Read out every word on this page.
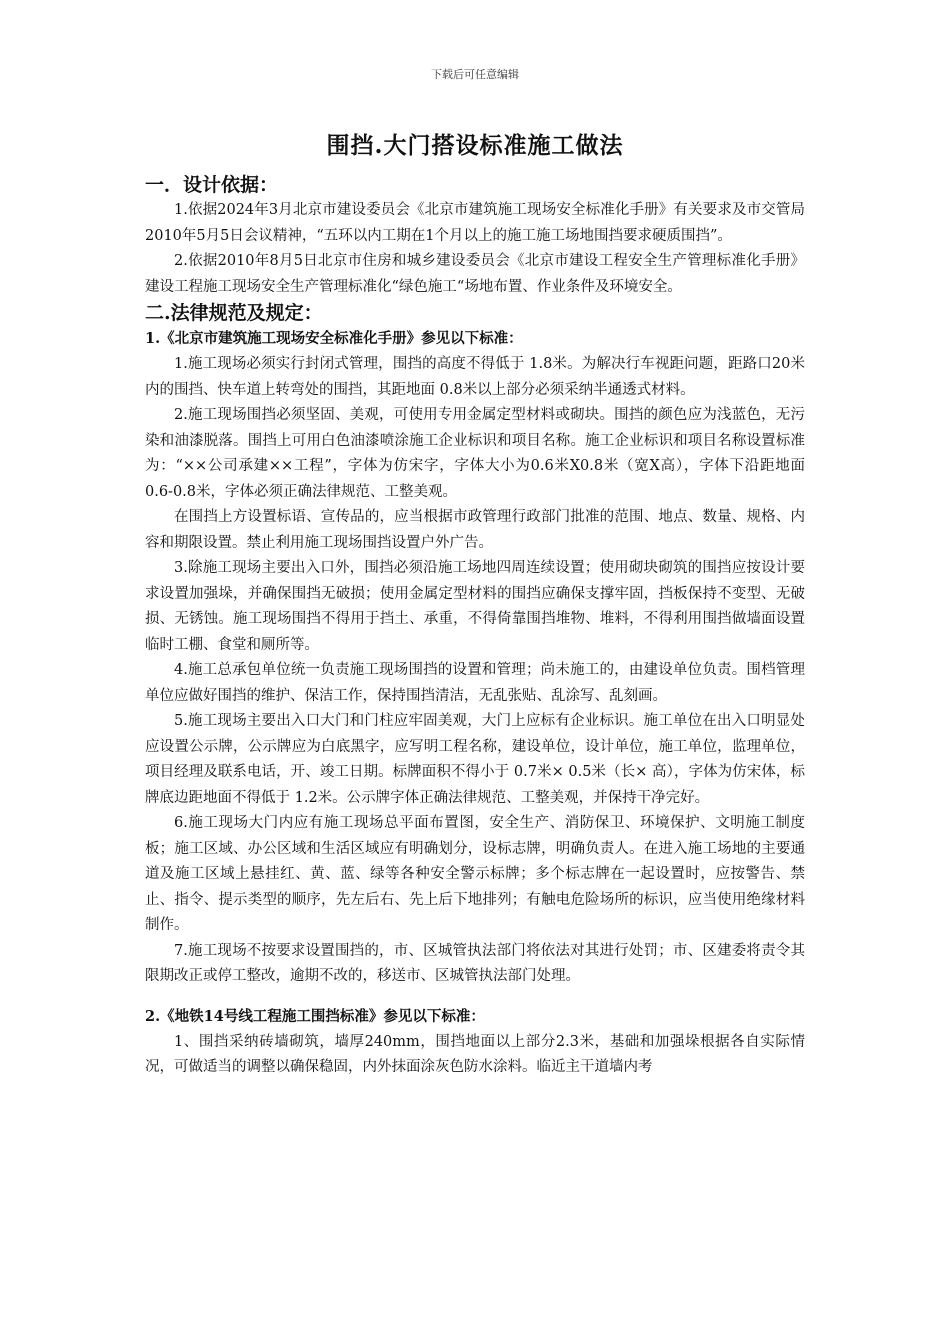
下载后可任意编辑
围挡.大门搭设标准施工做法
一．设计依据：
1.依据2024年3月北京市建设委员会《北京市建筑施工现场安全标准化手册》有关要求及市交管局2010年5月5日会议精神，“五环以内工期在1个月以上的施工施工场地围挡要求硬质围挡”。
2.依据2010年8月5日北京市住房和城乡建设委员会《北京市建设工程安全生产管理标准化手册》建设工程施工现场安全生产管理标准化“绿色施工“场地布置、作业条件及环境安全。
二.法律规范及规定：
1.《北京市建筑施工现场安全标准化手册》参见以下标准：
1.施工现场必须实行封闭式管理，围挡的高度不得低于 1.8米。为解决行车视距问题，距路口20米内的围挡、快车道上转弯处的围挡，其距地面 0.8米以上部分必须采纳半通透式材料。
2.施工现场围挡必须坚固、美观，可使用专用金属定型材料或砌块。围挡的颜色应为浅蓝色，无污染和油漆脱落。围挡上可用白色油漆喷涂施工企业标识和项目名称。施工企业标识和项目名称设置标准为：“××公司承建××工程”，字体为仿宋字，字体大小为0.6米X0.8米（宽X高），字体下沿距地面 0.6-0.8米，字体必须正确法律规范、工整美观。
在围挡上方设置标语、宣传品的，应当根据市政管理行政部门批准的范围、地点、数量、规格、内容和期限设置。禁止利用施工现场围挡设置户外广告。
3.除施工现场主要出入口外，围挡必须沿施工场地四周连续设置；使用砌块砌筑的围挡应按设计要求设置加强垛，并确保围挡无破损；使用金属定型材料的围挡应确保支撑牢固，挡板保持不变型、无破损、无锈蚀。施工现场围挡不得用于挡土、承重，不得倚靠围挡堆物、堆料，不得利用围挡做墙面设置临时工棚、食堂和厕所等。
4.施工总承包单位统一负责施工现场围挡的设置和管理；尚未施工的，由建设单位负责。围档管理单位应做好围挡的维护、保洁工作，保持围挡清洁，无乱张贴、乱涂写、乱刻画。
5.施工现场主要出入口大门和门柱应牢固美观，大门上应标有企业标识。施工单位在出入口明显处应设置公示牌，公示牌应为白底黑字，应写明工程名称，建设单位，设计单位，施工单位，监理单位，项目经理及联系电话，开、竣工日期。标牌面积不得小于 0.7米× 0.5米（长× 高），字体为仿宋体，标牌底边距地面不得低于 1.2米。公示牌字体正确法律规范、工整美观，并保持干净完好。
6.施工现场大门内应有施工现场总平面布置图，安全生产、消防保卫、环境保护、文明施工制度板；施工区域、办公区域和生活区域应有明确划分，设标志牌，明确负责人。在进入施工场地的主要通道及施工区域上悬挂红、黄、蓝、绿等各种安全警示标牌；多个标志牌在一起设置时，应按警告、禁止、指令、提示类型的顺序，先左后右、先上后下地排列；有触电危险场所的标识，应当使用绝缘材料制作。
7.施工现场不按要求设置围挡的，市、区城管执法部门将依法对其进行处罚；市、区建委将责令其限期改正或停工整改，逾期不改的，移送市、区城管执法部门处理。
2.《地铁14号线工程施工围挡标准》参见以下标准：
1、围挡采纳砖墙砌筑，墙厚240mm，围挡地面以上部分2.3米，基础和加强垛根据各自实际情况，可做适当的调整以确保稳固，内外抹面涂灰色防水涂料。临近主干道墙内考
